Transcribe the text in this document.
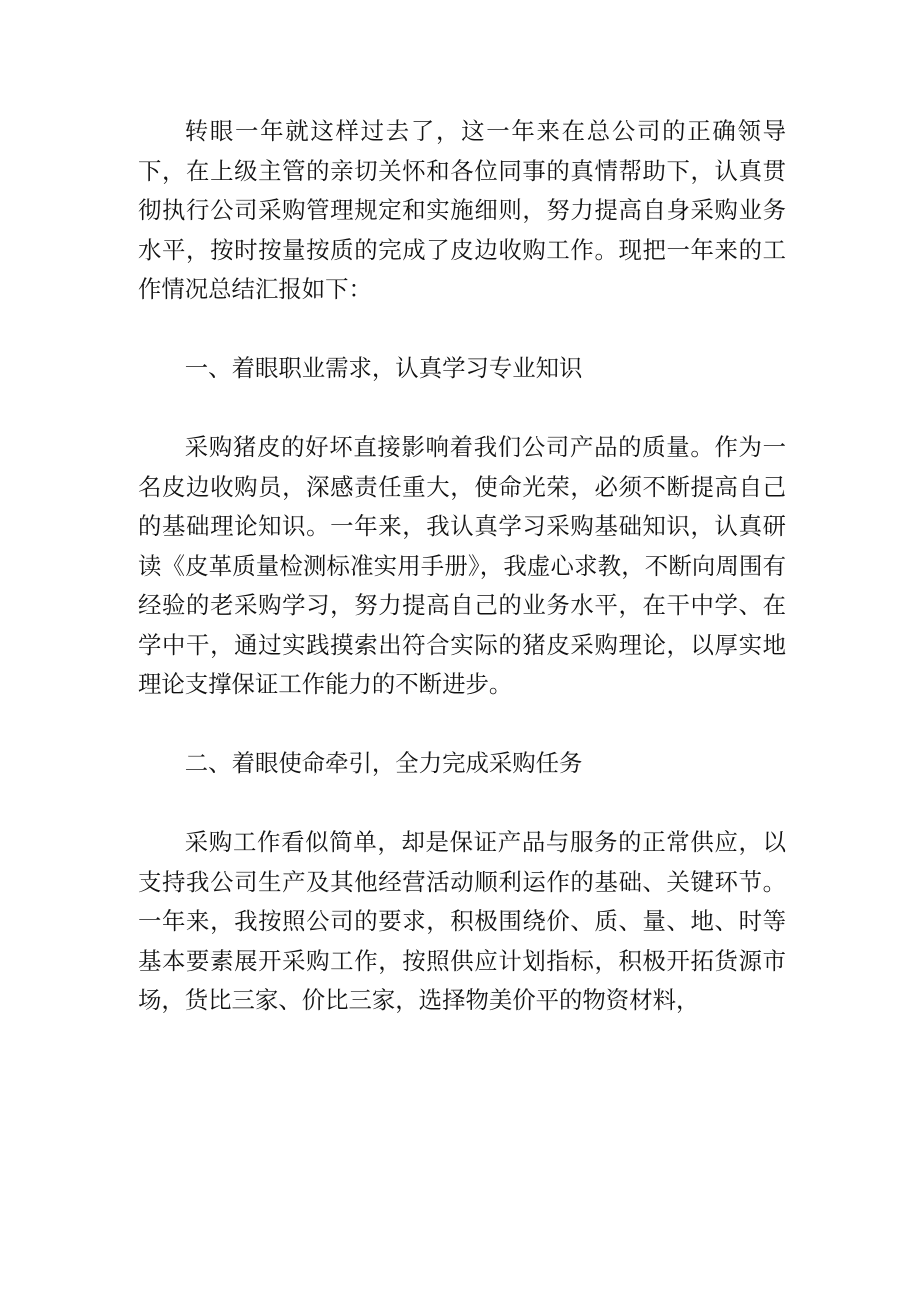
转眼一年就这样过去了，这一年来在总公司的正确领导下，在上级主管的亲切关怀和各位同事的真情帮助下，认真贯彻执行公司采购管理规定和实施细则，努力提高自身采购业务水平，按时按量按质的完成了皮边收购工作。现把一年来的工作情况总结汇报如下：

一、着眼职业需求，认真学习专业知识

采购猪皮的好坏直接影响着我们公司产品的质量。作为一名皮边收购员，深感责任重大，使命光荣，必须不断提高自己的基础理论知识。一年来，我认真学习采购基础知识，认真研读《皮革质量检测标准实用手册》，我虚心求教，不断向周围有经验的老采购学习，努力提高自己的业务水平，在干中学、在学中干，通过实践摸索出符合实际的猪皮采购理论，以厚实地理论支撑保证工作能力的不断进步。

二、着眼使命牵引，全力完成采购任务

采购工作看似简单，却是保证产品与服务的正常供应，以支持我公司生产及其他经营活动顺利运作的基础、关键环节。一年来，我按照公司的要求，积极围绕价、质、量、地、时等基本要素展开采购工作，按照供应计划指标，积极开拓货源市场，货比三家、价比三家，选择物美价平的物资材料，
